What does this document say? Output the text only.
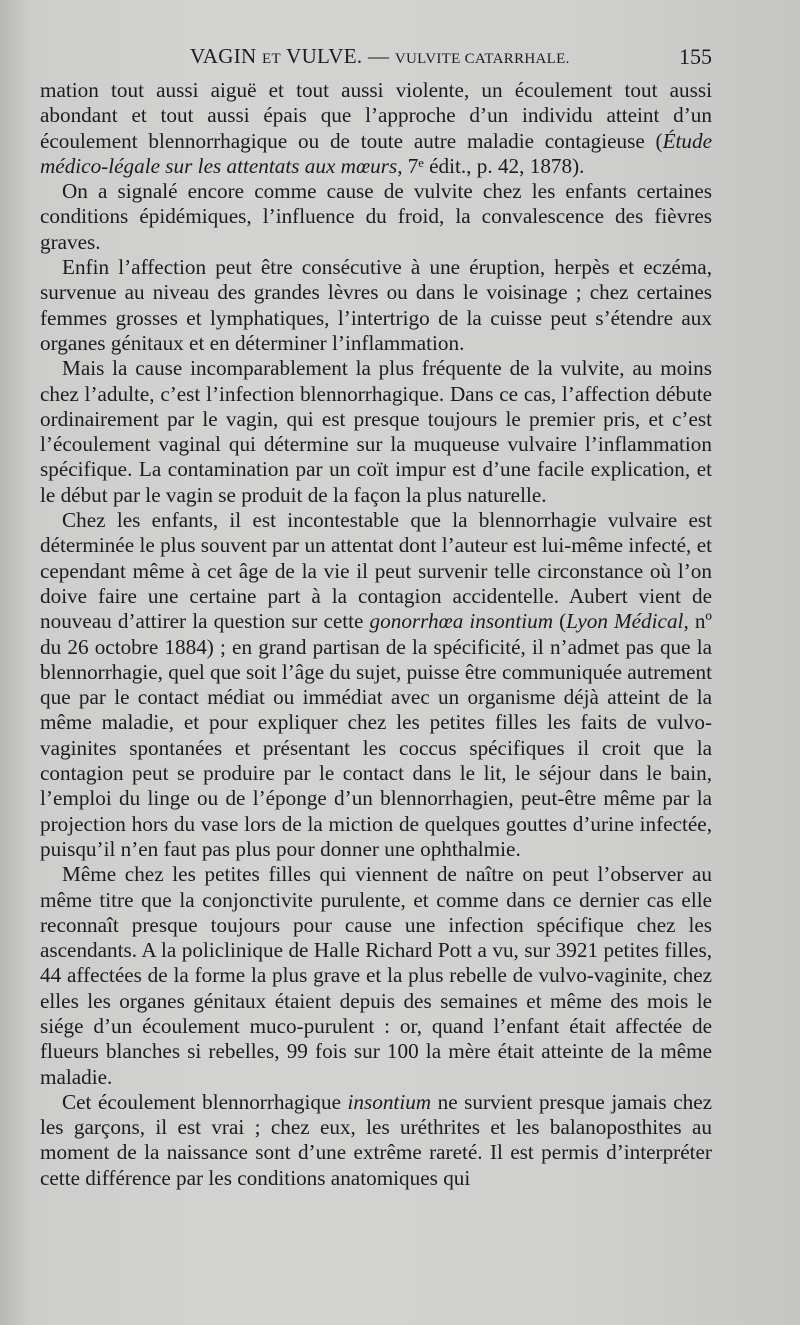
VAGIN ET VULVE. — VULVITE CATARRHALE.	155

mation tout aussi aiguë et tout aussi violente, un écoulement tout aussi abondant et tout aussi épais que l’approche d’un individu atteint d’un écoulement blennorrhagique ou de toute autre maladie contagieuse (Étude médico-légale sur les attentats aux mœurs, 7ᵉ édit., p. 42, 1878).

On a signalé encore comme cause de vulvite chez les enfants certaines conditions épidémiques, l’influence du froid, la convalescence des fièvres graves.

Enfin l’affection peut être consécutive à une éruption, herpès et eczéma, survenue au niveau des grandes lèvres ou dans le voisinage ; chez certaines femmes grosses et lymphatiques, l’intertrigo de la cuisse peut s’étendre aux organes génitaux et en déterminer l’inflammation.

Mais la cause incomparablement la plus fréquente de la vulvite, au moins chez l’adulte, c’est l’infection blennorrhagique. Dans ce cas, l’affection débute ordinairement par le vagin, qui est presque toujours le premier pris, et c’est l’écoulement vaginal qui détermine sur la muqueuse vulvaire l’inflammation spécifique. La contamination par un coït impur est d’une facile explication, et le début par le vagin se produit de la façon la plus naturelle.

Chez les enfants, il est incontestable que la blennorrhagie vulvaire est déterminée le plus souvent par un attentat dont l’auteur est lui-même infecté, et cependant même à cet âge de la vie il peut survenir telle circonstance où l’on doive faire une certaine part à la contagion accidentelle. Aubert vient de nouveau d’attirer la question sur cette gonorrhœa insontium (Lyon Médical, nº du 26 octobre 1884) ; en grand partisan de la spécificité, il n’admet pas que la blennorrhagie, quel que soit l’âge du sujet, puisse être communiquée autrement que par le contact médiat ou immédiat avec un organisme déjà atteint de la même maladie, et pour expliquer chez les petites filles les faits de vulvo-vaginites spontanées et présentant les coccus spécifiques il croit que la contagion peut se produire par le contact dans le lit, le séjour dans le bain, l’emploi du linge ou de l’éponge d’un blennorrhagien, peut-être même par la projection hors du vase lors de la miction de quelques gouttes d’urine infectée, puisqu’il n’en faut pas plus pour donner une ophthalmie.

Même chez les petites filles qui viennent de naître on peut l’observer au même titre que la conjonctivite purulente, et comme dans ce dernier cas elle reconnaît presque toujours pour cause une infection spécifique chez les ascendants. A la policlinique de Halle Richard Pott a vu, sur 3921 petites filles, 44 affectées de la forme la plus grave et la plus rebelle de vulvo-vaginite, chez elles les organes génitaux étaient depuis des semaines et même des mois le siége d’un écoulement muco-purulent : or, quand l’enfant était affectée de flueurs blanches si rebelles, 99 fois sur 100 la mère était atteinte de la même maladie.

Cet écoulement blennorrhagique insontium ne survient presque jamais chez les garçons, il est vrai ; chez eux, les uréthrites et les balanoposthites au moment de la naissance sont d’une extrême rareté. Il est permis d’interpréter cette différence par les conditions anatomiques qui
